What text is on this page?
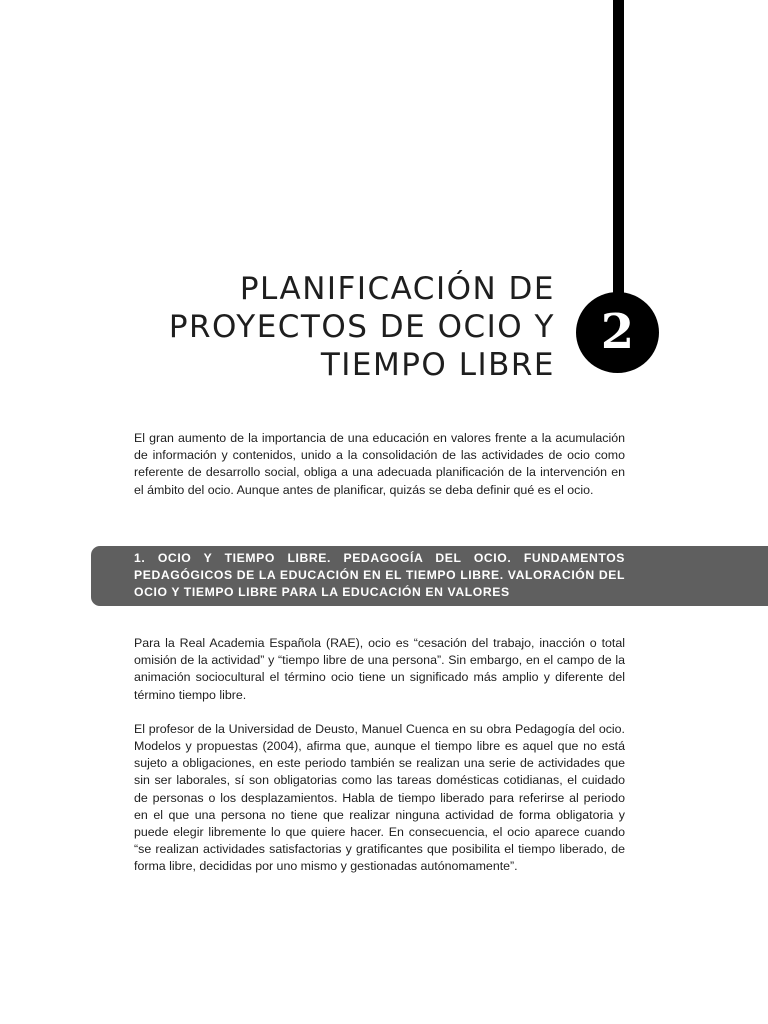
2
PLANIFICACIÓN DE
PROYECTOS DE OCIO Y
TIEMPO LIBRE

El gran aumento de la importancia de una educación en valores frente a la acumulación de información y contenidos, unido a la consolidación de las actividades de ocio como referente de desarrollo social, obliga a una adecuada planificación de la intervención en el ámbito del ocio. Aunque antes de planificar, quizás se deba definir qué es el ocio.

1. OCIO Y TIEMPO LIBRE. PEDAGOGÍA DEL OCIO. FUNDAMENTOS PEDAGÓGICOS DE LA EDUCACIÓN EN EL TIEMPO LIBRE. VALORACIÓN DEL OCIO Y TIEMPO LIBRE PARA LA EDUCACIÓN EN VALORES

Para la Real Academia Española (RAE), ocio es “cesación del trabajo, inacción o total omisión de la actividad” y “tiempo libre de una persona”. Sin embargo, en el campo de la animación sociocultural el término ocio tiene un significado más amplio y diferente del término tiempo libre.

El profesor de la Universidad de Deusto, Manuel Cuenca en su obra Pedagogía del ocio. Modelos y propuestas (2004), afirma que, aunque el tiempo libre es aquel que no está sujeto a obligaciones, en este periodo también se realizan una serie de actividades que sin ser laborales, sí son obligatorias como las tareas domésticas cotidianas, el cuidado de personas o los desplazamientos. Habla de tiempo liberado para referirse al periodo en el que una persona no tiene que realizar ninguna actividad de forma obligatoria y puede elegir libremente lo que quiere hacer. En consecuencia, el ocio aparece cuando “se realizan actividades satisfactorias y gratificantes que posibilita el tiempo liberado, de forma libre, decididas por uno mismo y gestionadas autónomamente”.
